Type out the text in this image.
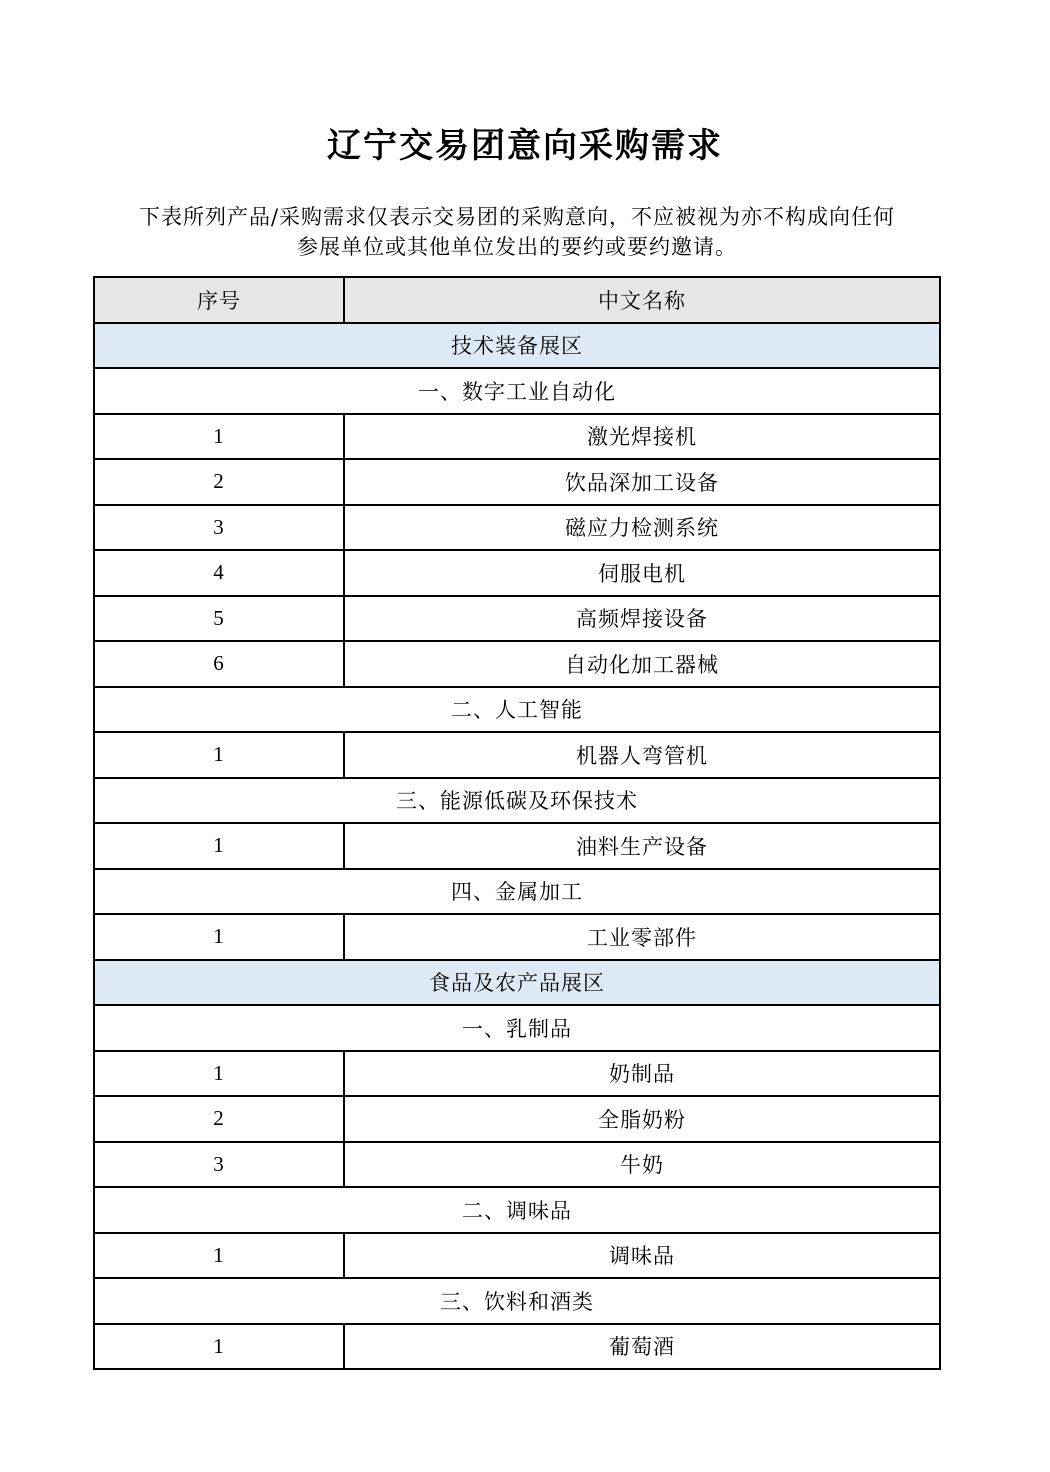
辽宁交易团意向采购需求
下表所列产品/采购需求仅表示交易团的采购意向，不应被视为亦不构成向任何
参展单位或其他单位发出的要约或要约邀请。
序号	中文名称
技术装备展区	
一、数字工业自动化	
1	激光焊接机
2	饮品深加工设备
3	磁应力检测系统
4	伺服电机
5	高频焊接设备
6	自动化加工器械
二、人工智能	
1	机器人弯管机
三、能源低碳及环保技术	
1	油料生产设备
四、金属加工	
1	工业零部件
食品及农产品展区	
一、乳制品	
1	奶制品
2	全脂奶粉
3	牛奶
二、调味品	
1	调味品
三、饮料和酒类	
1	葡萄酒
